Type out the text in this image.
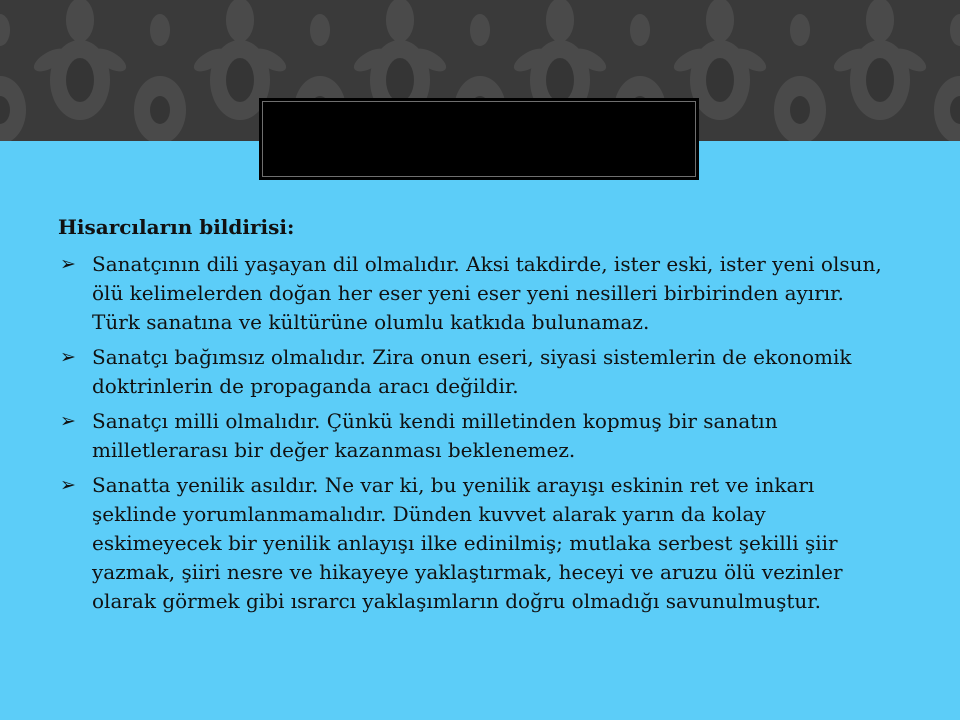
Hisarcıların bildirisi:
➢ Sanatçının dili yaşayan dil olmalıdır. Aksi takdirde, ister eski, ister yeni olsun, ölü kelimelerden doğan her eser yeni eser yeni nesilleri birbirinden ayırır. Türk sanatına ve kültürüne olumlu katkıda bulunamaz.
➢ Sanatçı bağımsız olmalıdır. Zira onun eseri, siyasi sistemlerin de ekonomik doktrinlerin de propaganda aracı değildir.
➢ Sanatçı milli olmalıdır. Çünkü kendi milletinden kopmuş bir sanatın milletlerarası bir değer kazanması beklenemez.
➢ Sanatta yenilik asıldır. Ne var ki, bu yenilik arayışı eskinin ret ve inkarı şeklinde yorumlanmamalıdır. Dünden kuvvet alarak yarın da kolay eskimeyecek bir yenilik anlayışı ilke edinilmiş; mutlaka serbest şekilli şiir yazmak, şiiri nesre ve hikayeye yaklaştırmak, heceyi ve aruzu ölü vezinler olarak görmek gibi ısrarcı yaklaşımların doğru olmadığı savunulmuştur.
